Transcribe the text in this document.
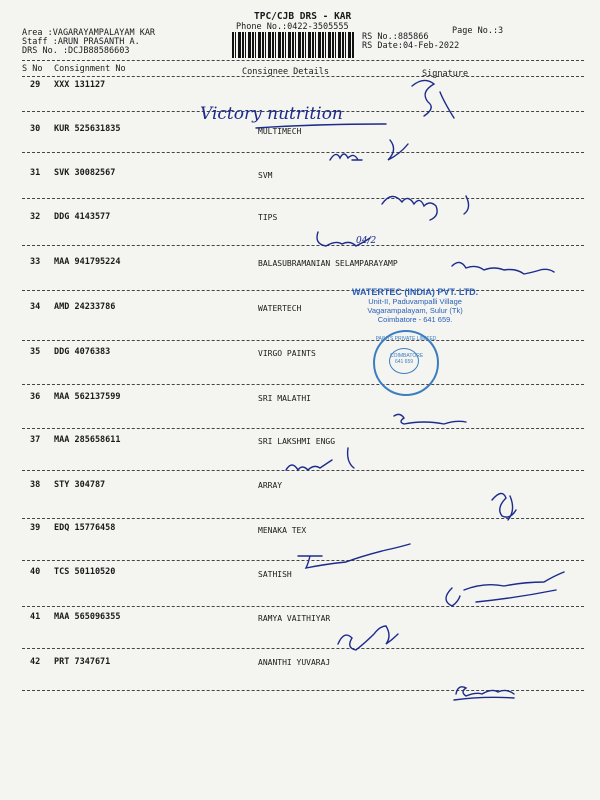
Area :VAGARAYAMPALAYAM KAR
Staff :ARUN PRASANTH A.
DRS No. :DCJB88586603
TPC/CJB DRS - KAR
Phone No.:0422-3505555	Page No.:3
RS No.:885866
RS Date:04-Feb-2022
S No Consignment No	Consignee Details	Signature
29 XXX 131127
30 KUR 525631835	MULTIMECH
31 SVK 30082567	SVM
32 DDG 4143577	TIPS
33 MAA 941795224	BALASUBRAMANIAN SELAMPARAYAMP
34 AMD 24233786	WATERTECH
35 DDG 4076383	VIRGO PAINTS
36 MAA 562137599	SRI MALATHI
37 MAA 285658611	SRI LAKSHMI ENGG
38 STY 304787	ARRAY
39 EDQ 15776458	MENAKA TEX
40 TCS 50110520	SATHISH
41 MAA 565096355	RAMYA VAITHIYAR
42 PRT 7347671	ANANTHI YUVARAJ
Victory nutrition
04/2
WATERTEC (INDIA) PVT. LTD.
Unit-II, Paduvampalli Village
Vagarampalayam, Sulur (Tk)
Coimbatore - 641 659.
PAINTS PRIVATE LIMITED
COIMBATORE 641 659
